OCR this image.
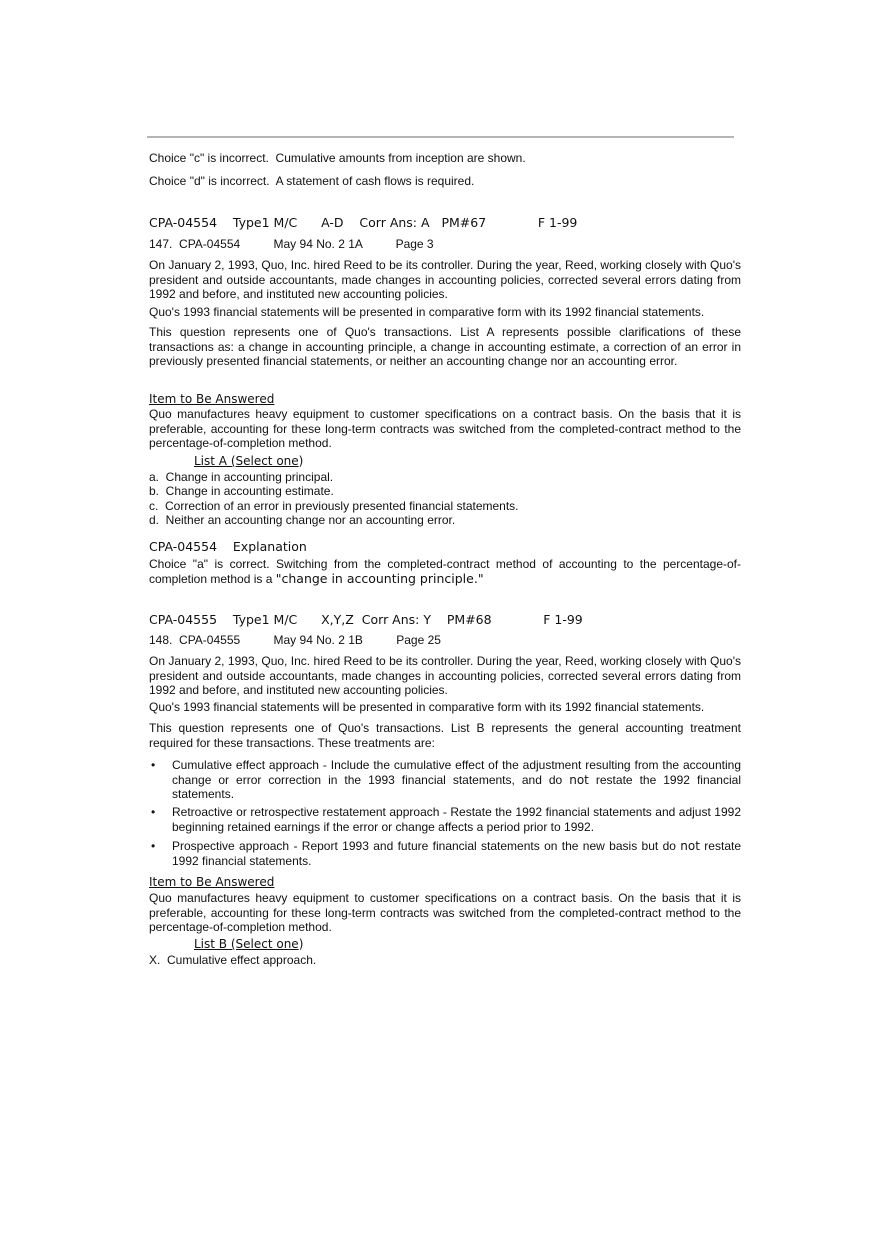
Choice "c" is incorrect.  Cumulative amounts from inception are shown.
Choice "d" is incorrect.  A statement of cash flows is required.
CPA-04554    Type1 M/C      A-D    Corr Ans: A   PM#67             F 1-99
147.  CPA-04554          May 94 No. 2 1A          Page 3
On January 2, 1993, Quo, Inc. hired Reed to be its controller. During the year, Reed, working closely with Quo's president and outside accountants, made changes in accounting policies, corrected several errors dating from 1992 and before, and instituted new accounting policies.
Quo's 1993 financial statements will be presented in comparative form with its 1992 financial statements.
This question represents one of Quo's transactions. List A represents possible clarifications of these transactions as: a change in accounting principle, a change in accounting estimate, a correction of an error in previously presented financial statements, or neither an accounting change nor an accounting error.
Item to Be Answered
Quo manufactures heavy equipment to customer specifications on a contract basis. On the basis that it is preferable, accounting for these long-term contracts was switched from the completed-contract method to the percentage-of-completion method.
List A (Select one)
a.  Change in accounting principal.
b.  Change in accounting estimate.
c.  Correction of an error in previously presented financial statements.
d.  Neither an accounting change nor an accounting error.
CPA-04554    Explanation
Choice "a" is correct. Switching from the completed-contract method of accounting to the percentage-of-completion method is a "change in accounting principle."
CPA-04555    Type1 M/C      X,Y,Z  Corr Ans: Y    PM#68             F 1-99
148.  CPA-04555          May 94 No. 2 1B          Page 25
On January 2, 1993, Quo, Inc. hired Reed to be its controller. During the year, Reed, working closely with Quo's president and outside accountants, made changes in accounting policies, corrected several errors dating from 1992 and before, and instituted new accounting policies.
Quo's 1993 financial statements will be presented in comparative form with its 1992 financial statements.
This question represents one of Quo's transactions. List B represents the general accounting treatment required for these transactions. These treatments are:
• Cumulative effect approach - Include the cumulative effect of the adjustment resulting from the accounting change or error correction in the 1993 financial statements, and do not restate the 1992 financial statements.
• Retroactive or retrospective restatement approach - Restate the 1992 financial statements and adjust 1992 beginning retained earnings if the error or change affects a period prior to 1992.
• Prospective approach - Report 1993 and future financial statements on the new basis but do not restate 1992 financial statements.
Item to Be Answered
Quo manufactures heavy equipment to customer specifications on a contract basis. On the basis that it is preferable, accounting for these long-term contracts was switched from the completed-contract method to the percentage-of-completion method.
List B (Select one)
X.  Cumulative effect approach.
